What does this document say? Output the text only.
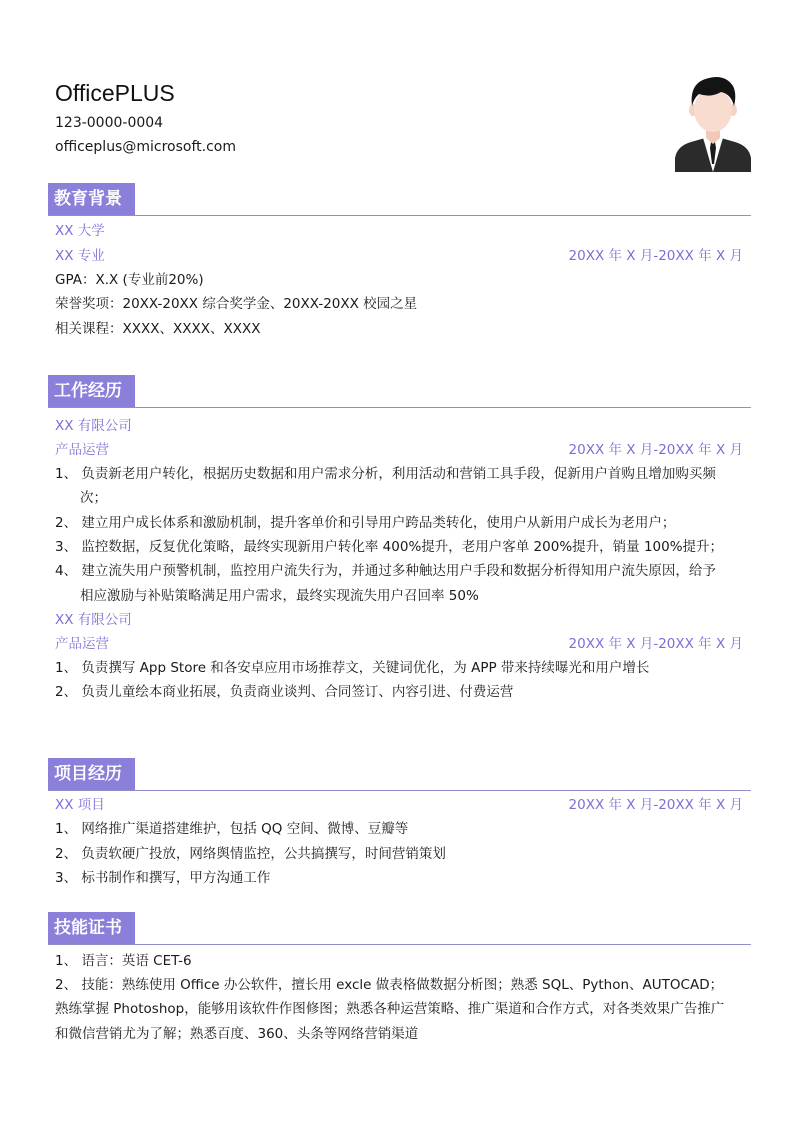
OfficePLUS
123-0000-0004
officeplus@microsoft.com
教育背景
XX 大学
XX 专业	20XX 年 X 月-20XX 年 X 月
GPA：X.X (专业前20%)
荣誉奖项：20XX-20XX 综合奖学金、20XX-20XX 校园之星
相关课程：XXXX、XXXX、XXXX
工作经历
XX 有限公司
产品运营	20XX 年 X 月-20XX 年 X 月
1、 负责新老用户转化，根据历史数据和用户需求分析，利用活动和营销工具手段，促新用户首购且增加购买频
次；
2、 建立用户成长体系和激励机制，提升客单价和引导用户跨品类转化，使用户从新用户成长为老用户；
3、 监控数据，反复优化策略，最终实现新用户转化率 400%提升，老用户客单 200%提升，销量 100%提升；
4、 建立流失用户预警机制，监控用户流失行为，并通过多种触达用户手段和数据分析得知用户流失原因，给予
相应激励与补贴策略满足用户需求，最终实现流失用户召回率 50%
XX 有限公司
产品运营	20XX 年 X 月-20XX 年 X 月
1、 负责撰写 App Store 和各安卓应用市场推荐文，关键词优化，为 APP 带来持续曝光和用户增长
2、 负责儿童绘本商业拓展，负责商业谈判、合同签订、内容引进、付费运营
项目经历
XX 项目	20XX 年 X 月-20XX 年 X 月
1、 网络推广渠道搭建维护，包括 QQ 空间、微博、豆瓣等
2、 负责软硬广投放，网络舆情监控，公共搞撰写，时间营销策划
3、 标书制作和撰写，甲方沟通工作
技能证书
1、 语言：英语 CET-6
2、 技能：熟练使用 Office 办公软件，擅长用 excle 做表格做数据分析图；熟悉 SQL、Python、AUTOCAD；
熟练掌握 Photoshop，能够用该软件作图修图；熟悉各种运营策略、推广渠道和合作方式，对各类效果广告推广
和微信营销尤为了解；熟悉百度、360、头条等网络营销渠道
